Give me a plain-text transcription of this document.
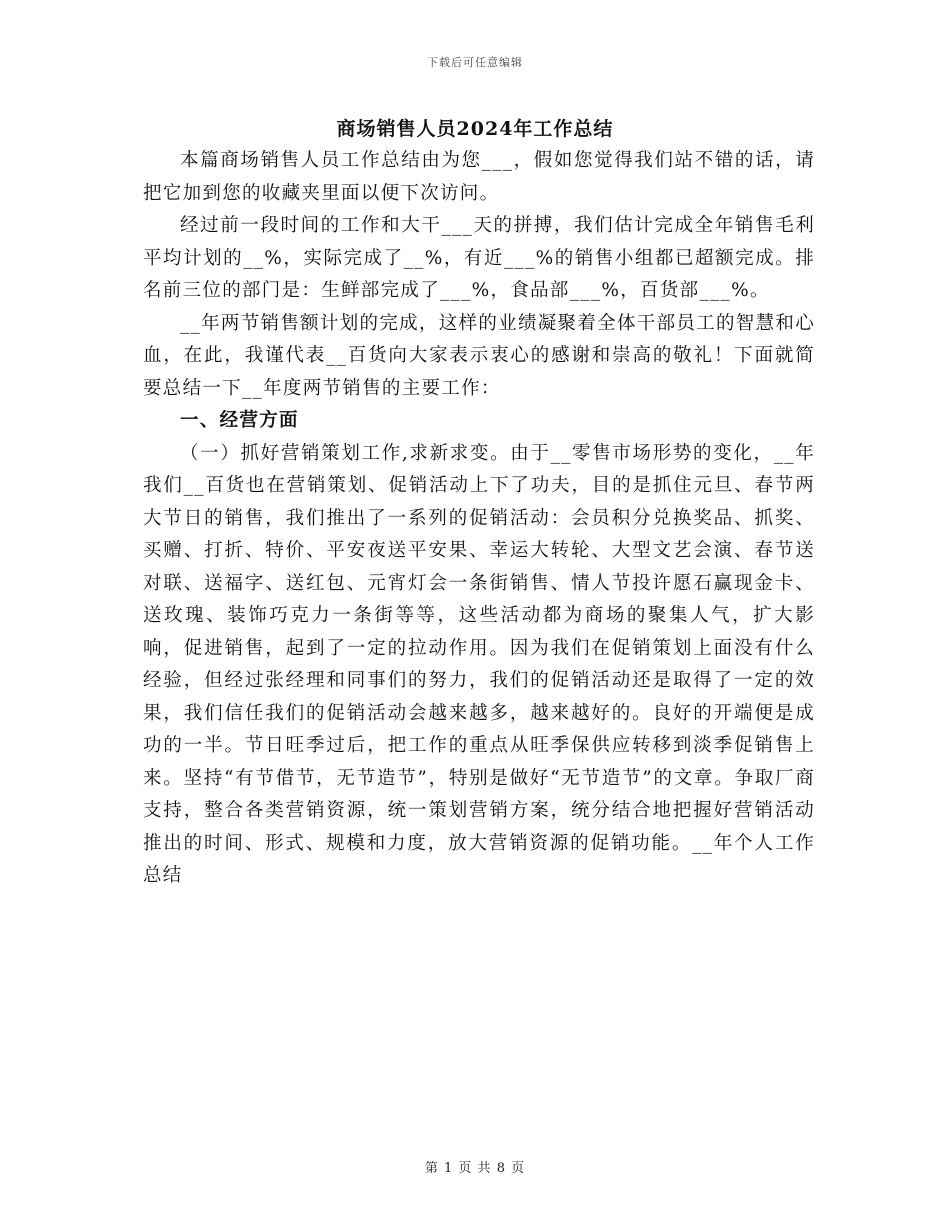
下载后可任意编辑
商场销售人员2024年工作总结

本篇商场销售人员工作总结由为您___，假如您觉得我们站不错的话，请把它加到您的收藏夹里面以便下次访问。

经过前一段时间的工作和大干___天的拼搏，我们估计完成全年销售毛利平均计划的__%，实际完成了__%，有近___%的销售小组都已超额完成。排名前三位的部门是：生鲜部完成了___%，食品部___%，百货部___%。

__年两节销售额计划的完成，这样的业绩凝聚着全体干部员工的智慧和心血，在此，我谨代表__百货向大家表示衷心的感谢和崇高的敬礼！下面就简要总结一下__年度两节销售的主要工作：

一、经营方面

（一）抓好营销策划工作,求新求变。由于__零售市场形势的变化，__年我们__百货也在营销策划、促销活动上下了功夫，目的是抓住元旦、春节两大节日的销售，我们推出了一系列的促销活动：会员积分兑换奖品、抓奖、买赠、打折、特价、平安夜送平安果、幸运大转轮、大型文艺会演、春节送对联、送福字、送红包、元宵灯会一条街销售、情人节投许愿石赢现金卡、送玫瑰、装饰巧克力一条街等等，这些活动都为商场的聚集人气，扩大影响，促进销售，起到了一定的拉动作用。因为我们在促销策划上面没有什么经验，但经过张经理和同事们的努力，我们的促销活动还是取得了一定的效果，我们信任我们的促销活动会越来越多，越来越好的。良好的开端便是成功的一半。节日旺季过后，把工作的重点从旺季保供应转移到淡季促销售上来。坚持“有节借节，无节造节”，特别是做好“无节造节”的文章。争取厂商支持，整合各类营销资源，统一策划营销方案，统分结合地把握好营销活动推出的时间、形式、规模和力度，放大营销资源的促销功能。__年个人工作总结

第 1 页 共 8 页
